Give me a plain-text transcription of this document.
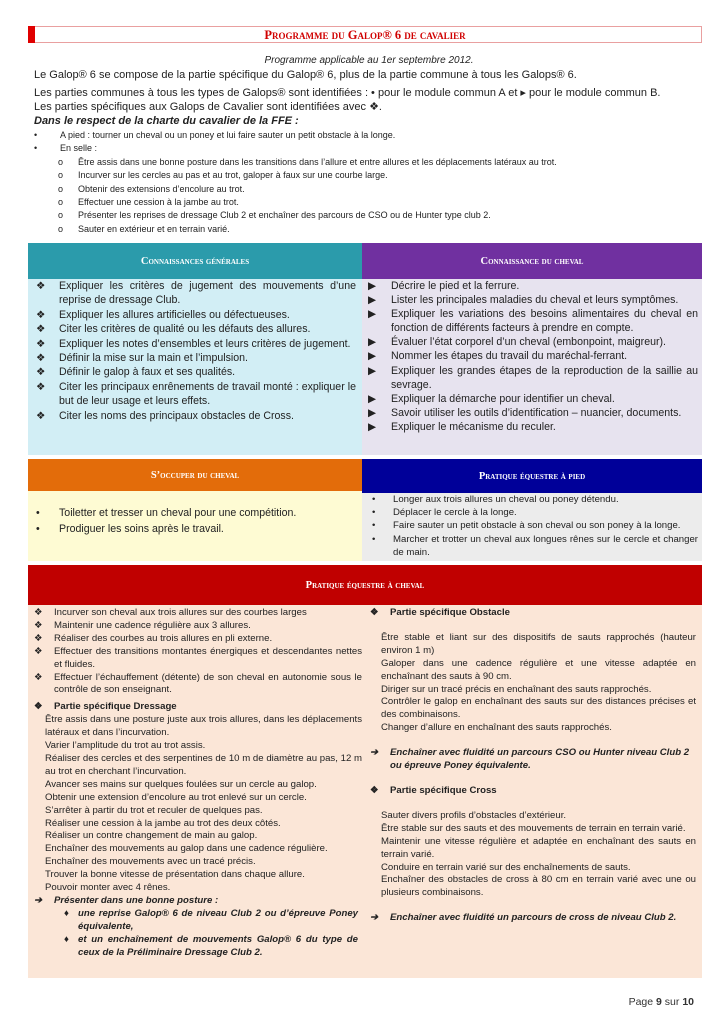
Programme du Galop® 6 de cavalier
Programme applicable au 1er septembre 2012.
Le Galop® 6 se compose de la partie spécifique du Galop® 6, plus de la partie commune à tous les Galops® 6.
Les parties communes à tous les types de Galops® sont identifiées : • pour le module commun A et ▸ pour le module commun B.
Les parties spécifiques aux Galops de Cavalier sont identifiées avec ❖.
Dans le respect de la charte du cavalier de la FFE :
•	A pied : tourner un cheval ou un poney et lui faire sauter un petit obstacle à la longe.
•	En selle :
o Être assis dans une bonne posture dans les transitions dans l’allure et entre allures et les déplacements latéraux au trot.
o Incurver sur les cercles au pas et au trot, galoper à faux sur une courbe large.
o Obtenir des extensions d’encolure au trot.
o Effectuer une cession à la jambe au trot.
o Présenter les reprises de dressage Club 2 et enchaîner des parcours de CSO ou de Hunter type club 2.
o Sauter en extérieur et en terrain varié.
Connaissances générales
❖ Expliquer les critères de jugement des mouvements d’une reprise de dressage Club.
❖ Expliquer les allures artificielles ou défectueuses.
❖ Citer les critères de qualité ou les défauts des allures.
❖ Expliquer les notes d’ensembles et leurs critères de jugement.
❖ Définir la mise sur la main et l’impulsion.
❖ Définir le galop à faux et ses qualités.
❖ Citer les principaux enrênements de travail monté : expliquer le but de leur usage et leurs effets.
❖ Citer les noms des principaux obstacles de Cross.
Connaissance du cheval
▶ Décrire le pied et la ferrure.
▶ Lister les principales maladies du cheval et leurs symptômes.
▶ Expliquer les variations des besoins alimentaires du cheval en fonction de différents facteurs à prendre en compte.
▶ Évaluer l’état corporel d’un cheval (embonpoint, maigreur).
▶ Nommer les étapes du travail du maréchal-ferrant.
▶ Expliquer les grandes étapes de la reproduction de la saillie au sevrage.
▶ Expliquer la démarche pour identifier un cheval.
▶ Savoir utiliser les outils d’identification – nuancier, documents.
▶ Expliquer le mécanisme du reculer.
S’occuper du cheval
• Toiletter et tresser un cheval pour une compétition.
• Prodiguer les soins après le travail.
Pratique équestre à pied
• Longer aux trois allures un cheval ou poney détendu.
• Déplacer le cercle à la longe.
• Faire sauter un petit obstacle à son cheval ou son poney à la longe.
• Marcher et trotter un cheval aux longues rênes sur le cercle et changer de main.
Pratique équestre à cheval
❖ Incurver son cheval aux trois allures sur des courbes larges
❖ Maintenir une cadence régulière aux 3 allures.
❖ Réaliser des courbes au trois allures en pli externe.
❖ Effectuer des transitions montantes énergiques et descendantes nettes et fluides.
❖ Effectuer l’échauffement (détente) de son cheval en autonomie sous le contrôle de son enseignant.
❖ Partie spécifique Dressage
Être assis dans une posture juste aux trois allures, dans les déplacements latéraux et dans l’incurvation.
Varier l’amplitude du trot au trot assis.
Réaliser des cercles et des serpentines de 10 m de diamètre au pas, 12 m au trot en cherchant l’incurvation.
Avancer ses mains sur quelques foulées sur un cercle au galop.
Obtenir une extension d’encolure au trot enlevé sur un cercle.
S’arrêter à partir du trot et reculer de quelques pas.
Réaliser une cession à la jambe au trot des deux côtés.
Réaliser un contre changement de main au galop.
Enchaîner des mouvements au galop dans une cadence régulière.
Enchaîner des mouvements avec un tracé précis.
Trouver la bonne vitesse de présentation dans chaque allure.
Pouvoir monter avec 4 rênes.
➔ Présenter dans une bonne posture :
♦ une reprise Galop® 6 de niveau Club 2 ou d’épreuve Poney équivalente,
♦ et un enchaînement de mouvements Galop® 6 du type de ceux de la Préliminaire Dressage Club 2.
❖ Partie spécifique Obstacle
Être stable et liant sur des dispositifs de sauts rapprochés (hauteur environ 1 m)
Galoper dans une cadence régulière et une vitesse adaptée en enchaînant des sauts à 90 cm.
Diriger sur un tracé précis en enchaînant des sauts rapprochés.
Contrôler le galop en enchaînant des sauts sur des distances précises et des combinaisons.
Changer d’allure en enchaînant des sauts rapprochés.
➔ Enchaîner avec fluidité un parcours CSO ou Hunter niveau Club 2 ou épreuve Poney équivalente.
❖ Partie spécifique Cross
Sauter divers profils d’obstacles d’extérieur.
Être stable sur des sauts et des mouvements de terrain en terrain varié.
Maintenir une vitesse régulière et adaptée en enchaînant des sauts en terrain varié.
Conduire en terrain varié sur des enchaînements de sauts.
Enchaîner des obstacles de cross à 80 cm en terrain varié avec une ou plusieurs combinaisons.
➔ Enchaîner avec fluidité un parcours de cross de niveau Club 2.
Page 9 sur 10
